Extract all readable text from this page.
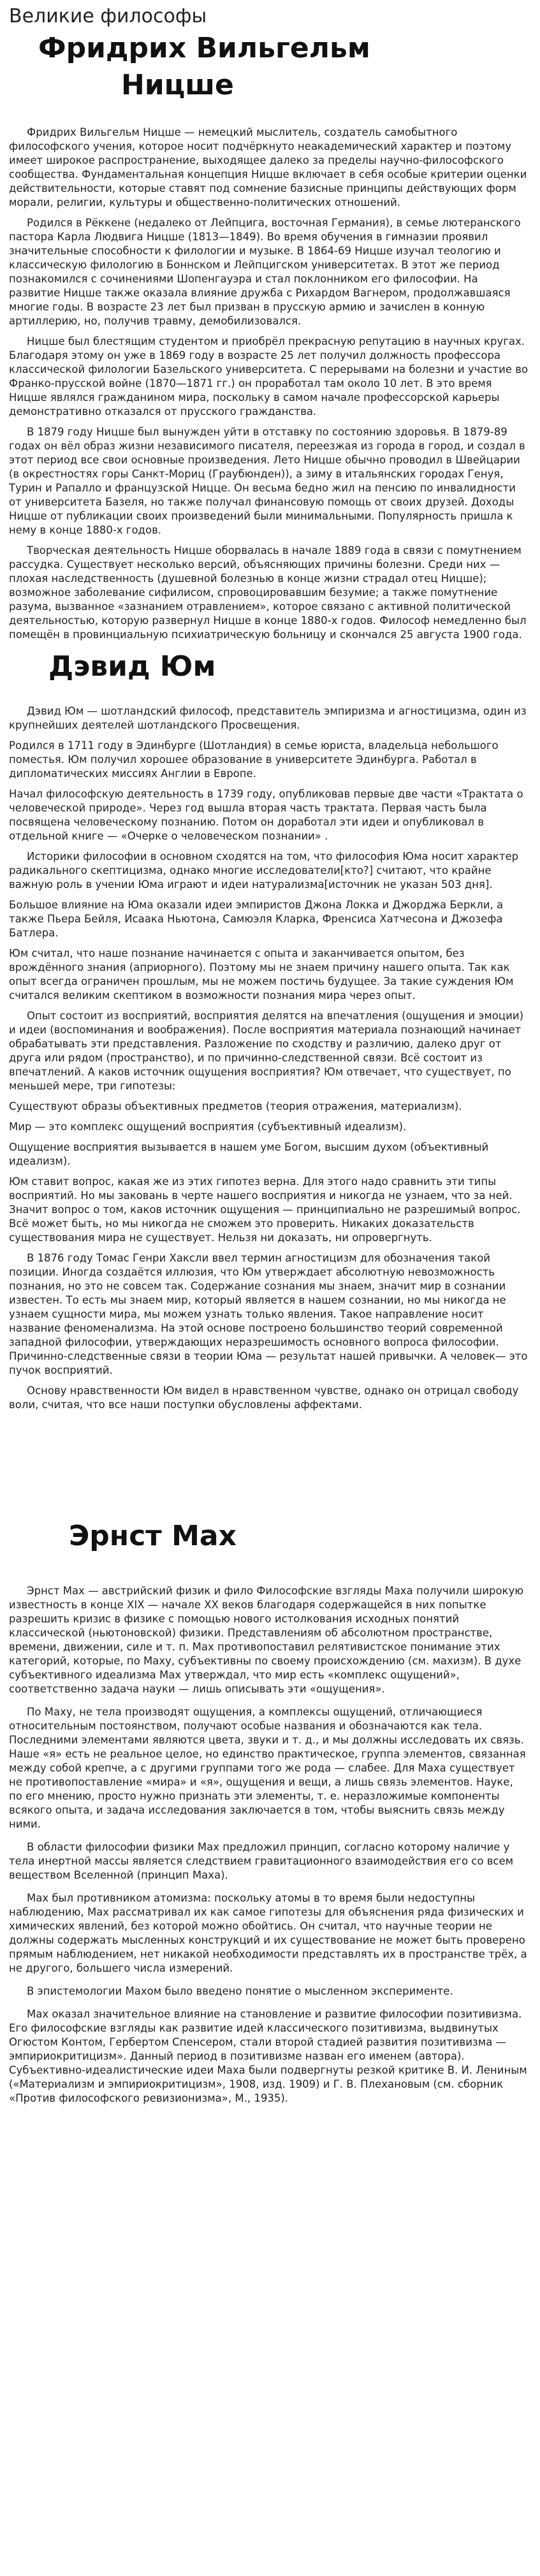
Великие философы
Фридрих Вильгельм
Ницше

Фридрих Вильгельм Ницше — немецкий мыслитель, создатель самобытного философского учения, которое носит подчёркнуто неакадемический характер и поэтому имеет широкое распространение, выходящее далеко за пределы научно-философского сообщества. Фундаментальная концепция Ницше включает в себя особые критерии оценки действительности, которые ставят под сомнение базисные принципы действующих форм морали, религии, культуры и общественно-политических отношений.

Родился в Рёккене (недалеко от Лейпцига, восточная Германия), в семье лютеранского пастора Карла Людвига Ницше (1813—1849). Во время обучения в гимназии проявил значительные способности к филологии и музыке. В 1864-69 Ницше изучал теологию и классическую филологию в Боннском и Лейпцигском университетах. В этот же период познакомился с сочинениями Шопенгауэра и стал поклонником его философии. На развитие Ницше также оказала влияние дружба с Рихардом Вагнером, продолжавшаяся многие годы. В возрасте 23 лет был призван в прусскую армию и зачислен в конную артиллерию, но, получив травму, демобилизовался.

Ницше был блестящим студентом и приобрёл прекрасную репутацию в научных кругах. Благодаря этому он уже в 1869 году в возрасте 25 лет получил должность профессора классической филологии Базельского университета. С перерывами на болезни и участие во Франко-прусской войне (1870—1871 гг.) он проработал там около 10 лет. В это время Ницше являлся гражданином мира, поскольку в самом начале профессорской карьеры демонстративно отказался от прусского гражданства.

В 1879 году Ницше был вынужден уйти в отставку по состоянию здоровья. В 1879-89 годах он вёл образ жизни независимого писателя, переезжая из города в город, и создал в этот период все свои основные произведения. Лето Ницше обычно проводил в Швейцарии (в окрестностях горы Санкт-Мориц (Граубюнден)), а зиму в итальянских городах Генуя, Турин и Рапалло и французской Ницце. Он весьма бедно жил на пенсию по инвалидности от университета Базеля, но также получал финансовую помощь от своих друзей. Доходы Ницше от публикации своих произведений были минимальными. Популярность пришла к нему в конце 1880-х годов.

Творческая деятельность Ницше оборвалась в начале 1889 года в связи с помутнением рассудка. Существует несколько версий, объясняющих причины болезни. Среди них — плохая наследственность (душевной болезнью в конце жизни страдал отец Ницше); возможное заболевание сифилисом, спровоцировавшим безумие; а также помутнение разума, вызванное «зазнанием отравлением», которое связано с активной политической деятельностью, которую развернул Ницше в конце 1880-х годов. Философ немедленно был помещён в провинциальную психиатрическую больницу и скончался 25 августа 1900 года.

Дэвид Юм

Дэвид Юм — шотландский философ, представитель эмпиризма и агностицизма, один из крупнейших деятелей шотландского Просвещения.

Родился в 1711 году в Эдинбурге (Шотландия) в семье юриста, владельца небольшого поместья. Юм получил хорошее образование в университете Эдинбурга. Работал в дипломатических миссиях Англии в Европе.

Начал философскую деятельность в 1739 году, опубликовав первые две части «Трактата о человеческой природе». Через год вышла вторая часть трактата. Первая часть была посвящена человеческому познанию. Потом он доработал эти идеи и опубликовал в отдельной книге — «Очерке о человеческом познании» .

Историки философии в основном сходятся на том, что философия Юма носит характер радикального скептицизма, однако многие исследователи[кто?] считают, что крайне важную роль в учении Юма играют и идеи натурализма[источник не указан 503 дня].

Большое влияние на Юма оказали идеи эмпиристов Джона Локка и Джорджа Беркли, а также Пьера Бейля, Исаака Ньютона, Самюэля Кларка, Френсиса Хатчесона и Джозефа Батлера.

Юм считал, что наше познание начинается с опыта и заканчивается опытом, без врождённого знания (априорного). Поэтому мы не знаем причину нашего опыта. Так как опыт всегда ограничен прошлым, мы не можем постичь будущее. За такие суждения Юм считался великим скептиком в возможности познания мира через опыт.

Опыт состоит из восприятий, восприятия делятся на впечатления (ощущения и эмоции) и идеи (воспоминания и воображения). После восприятия материала познающий начинает обрабатывать эти представления. Разложение по сходству и различию, далеко друг от друга или рядом (пространство), и по причинно-следственной связи. Всё состоит из впечатлений. А каков источник ощущения восприятия? Юм отвечает, что существует, по меньшей мере, три гипотезы:

Существуют образы объективных предметов (теория отражения, материализм).

Мир — это комплекс ощущений восприятия (субъективный идеализм).

Ощущение восприятия вызывается в нашем уме Богом, высшим духом (объективный идеализм).

Юм ставит вопрос, какая же из этих гипотез верна. Для этого надо сравнить эти типы восприятий. Но мы заковань в черте нашего восприятия и никогда не узнаем, что за ней. Значит вопрос о том, каков источник ощущения — принципиально не разрешимый вопрос. Всё может быть, но мы никогда не сможем это проверить. Никаких доказательств существования мира не существует. Нельзя ни доказать, ни опровергнуть.

В 1876 году Томас Генри Хаксли ввел термин агностицизм для обозначения такой позиции. Иногда создаётся иллюзия, что Юм утверждает абсолютную невозможность познания, но это не совсем так. Содержание сознания мы знаем, значит мир в сознании известен. То есть мы знаем мир, который является в нашем сознании, но мы никогда не узнаем сущности мира, мы можем узнать только явления. Такое направление носит название феноменализма. На этой основе построено большинство теорий современной западной философии, утверждающих неразрешимость основного вопроса философии. Причинно-следственные связи в теории Юма — результат нашей привычки. А человек— это пучок восприятий.

Основу нравственности Юм видел в нравственном чувстве, однако он отрицал свободу воли, считая, что все наши поступки обусловлены аффектами.

Эрнст Мах

Эрнст Мах — австрийский физик и фило Философские взгляды Маха получили широкую известность в конце XIX — начале XX веков благодаря содержащейся в них попытке разрешить кризис в физике с помощью нового истолкования исходных понятий классической (ньютоновской) физики. Представлениям об абсолютном пространстве, времени, движении, силе и т. п. Мах противопоставил релятивистское понимание этих категорий, которые, по Маху, субъективны по своему происхождению (см. махизм). В духе субъективного идеализма Мах утверждал, что мир есть «комплекс ощущений», соответственно задача науки — лишь описывать эти «ощущения».

По Маху, не тела производят ощущения, а комплексы ощущений, отличающиеся относительным постоянством, получают особые названия и обозначаются как тела. Последними элементами являются цвета, звуки и т. д., и мы должны исследовать их связь. Наше «я» есть не реальное целое, но единство практическое, группа элементов, связанная между собой крепче, а с другими группами того же рода — слабее. Для Маха существует не противопоставление «мира» и «я», ощущения и вещи, а лишь связь элементов. Науке, по его мнению, просто нужно признать эти элементы, т. е. неразложимые компоненты всякого опыта, и задача исследования заключается в том, чтобы выяснить связь между ними.

В области философии физики Мах предложил принцип, согласно которому наличие у тела инертной массы является следствием гравитационного взаимодействия его со всем веществом Вселенной (принцип Маха).

Мах был противником атомизма: поскольку атомы в то время были недоступны наблюдению, Мах рассматривал их как самое гипотезы для объяснения ряда физических и химических явлений, без которой можно обойтись. Он считал, что научные теории не должны содержать мысленных конструкций и их существование не может быть проверено прямым наблюдением, нет никакой необходимости представлять их в пространстве трёх, а не другого, большего числа измерений.

В эпистемологии Махом было введено понятие о мысленном эксперименте.

Мах оказал значительное влияние на становление и развитие философии позитивизма. Его философские взгляды как развитие идей классического позитивизма, выдвинутых Огюстом Контом, Гербертом Спенсером, стали второй стадией развития позитивизма — эмпириокритицизм». Данный период в позитивизме назван его именем (автора). Субъективно-идеалистические идеи Маха были подвергнуты резкой критике В. И. Лениным («Материализм и эмпириокритицизм», 1908, изд. 1909) и Г. В. Плехановым (см. сборник «Против философского ревизионизма», М., 1935).
